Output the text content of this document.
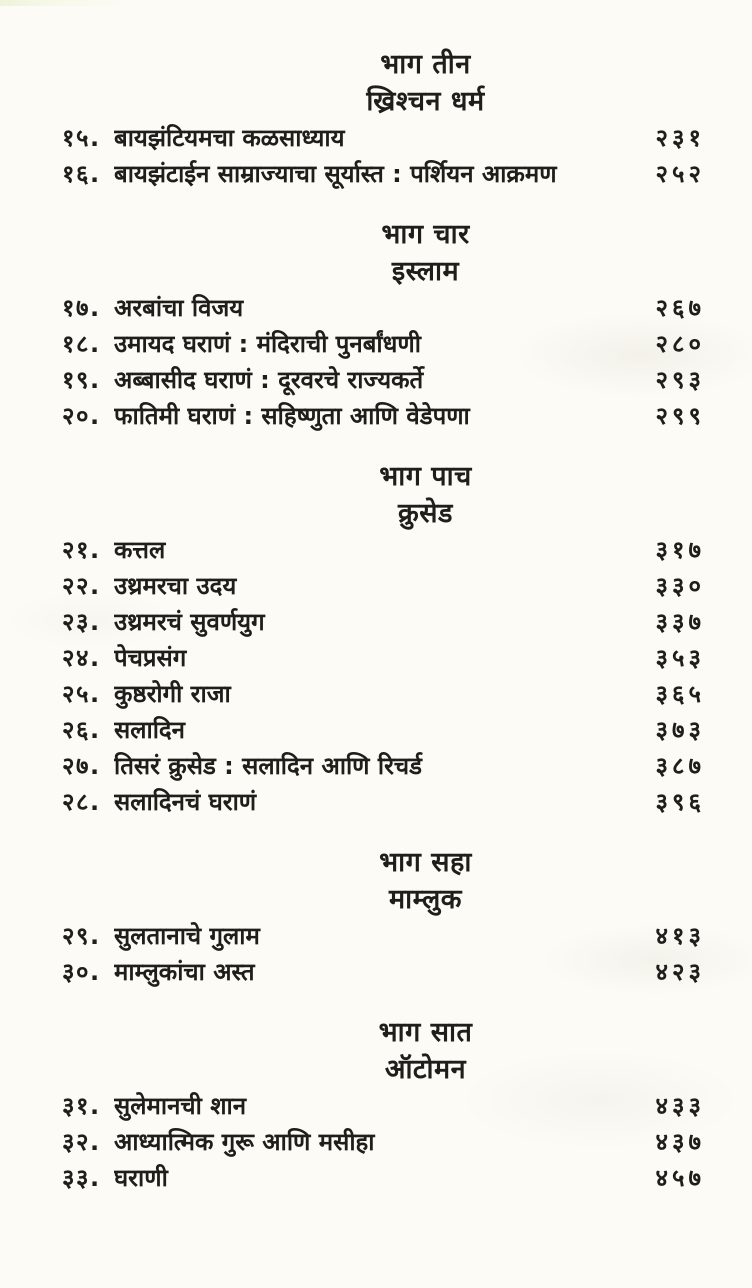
भाग तीन
ख्रिश्चन धर्म
१५. बायझंटियमचा कळसाध्याय	२३१
१६. बायझंटाईन साम्राज्याचा सूर्यास्त : पर्शियन आक्रमण	२५२
भाग चार
इस्लाम
१७. अरबांचा विजय	२६७
१८. उमायद घराणं : मंदिराची पुनर्बांधणी	२८०
१९. अब्बासीद घराणं : दूरवरचे राज्यकर्ते	२९३
२०. फातिमी घराणं : सहिष्णुता आणि वेडेपणा	२९९
भाग पाच
क्रुसेड
२१. कत्तल	३१७
२२. उथ्रमरचा उदय	३३०
२३. उथ्रमरचं सुवर्णयुग	३३७
२४. पेचप्रसंग	३५३
२५. कुष्ठरोगी राजा	३६५
२६. सलादिन	३७३
२७. तिसरं क्रुसेड : सलादिन आणि रिचर्ड	३८७
२८. सलादिनचं घराणं	३९६
भाग सहा
माम्लुक
२९. सुलतानाचे गुलाम	४१३
३०. माम्लुकांचा अस्त	४२३
भाग सात
ऑटोमन
३१. सुलेमानची शान	४३३
३२. आध्यात्मिक गुरू आणि मसीहा	४३७
३३. घराणी	४५७
